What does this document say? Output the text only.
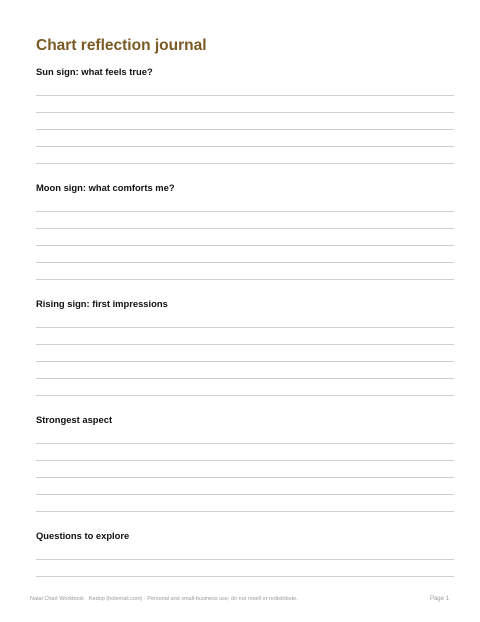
Chart reflection journal
Sun sign: what feels true?
Moon sign: what comforts me?
Rising sign: first impressions
Strongest aspect
Questions to explore
Natal Chart Workbook · Kedop (holemail.com) · Personal and small-business use; do not resell or redistribute.	Page 1
